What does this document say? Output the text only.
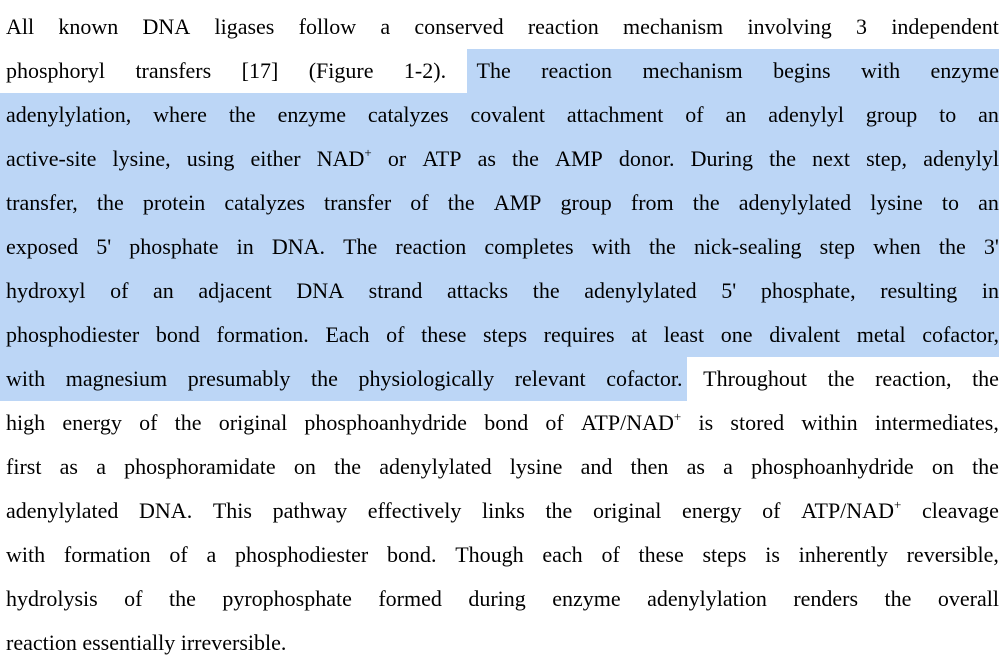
All known DNA ligases follow a conserved reaction mechanism involving 3 independent
phosphoryl transfers [17] (Figure 1-2). The reaction mechanism begins with enzyme
adenylylation, where the enzyme catalyzes covalent attachment of an adenylyl group to an
active-site lysine, using either NAD+ or ATP as the AMP donor. During the next step, adenylyl
transfer, the protein catalyzes transfer of the AMP group from the adenylylated lysine to an
exposed 5' phosphate in DNA. The reaction completes with the nick-sealing step when the 3'
hydroxyl of an adjacent DNA strand attacks the adenylylated 5' phosphate, resulting in
phosphodiester bond formation. Each of these steps requires at least one divalent metal cofactor,
with magnesium presumably the physiologically relevant cofactor. Throughout the reaction, the
high energy of the original phosphoanhydride bond of ATP/NAD+ is stored within intermediates,
first as a phosphoramidate on the adenylylated lysine and then as a phosphoanhydride on the
adenylylated DNA. This pathway effectively links the original energy of ATP/NAD+ cleavage
with formation of a phosphodiester bond. Though each of these steps is inherently reversible,
hydrolysis of the pyrophosphate formed during enzyme adenylylation renders the overall
reaction essentially irreversible.
